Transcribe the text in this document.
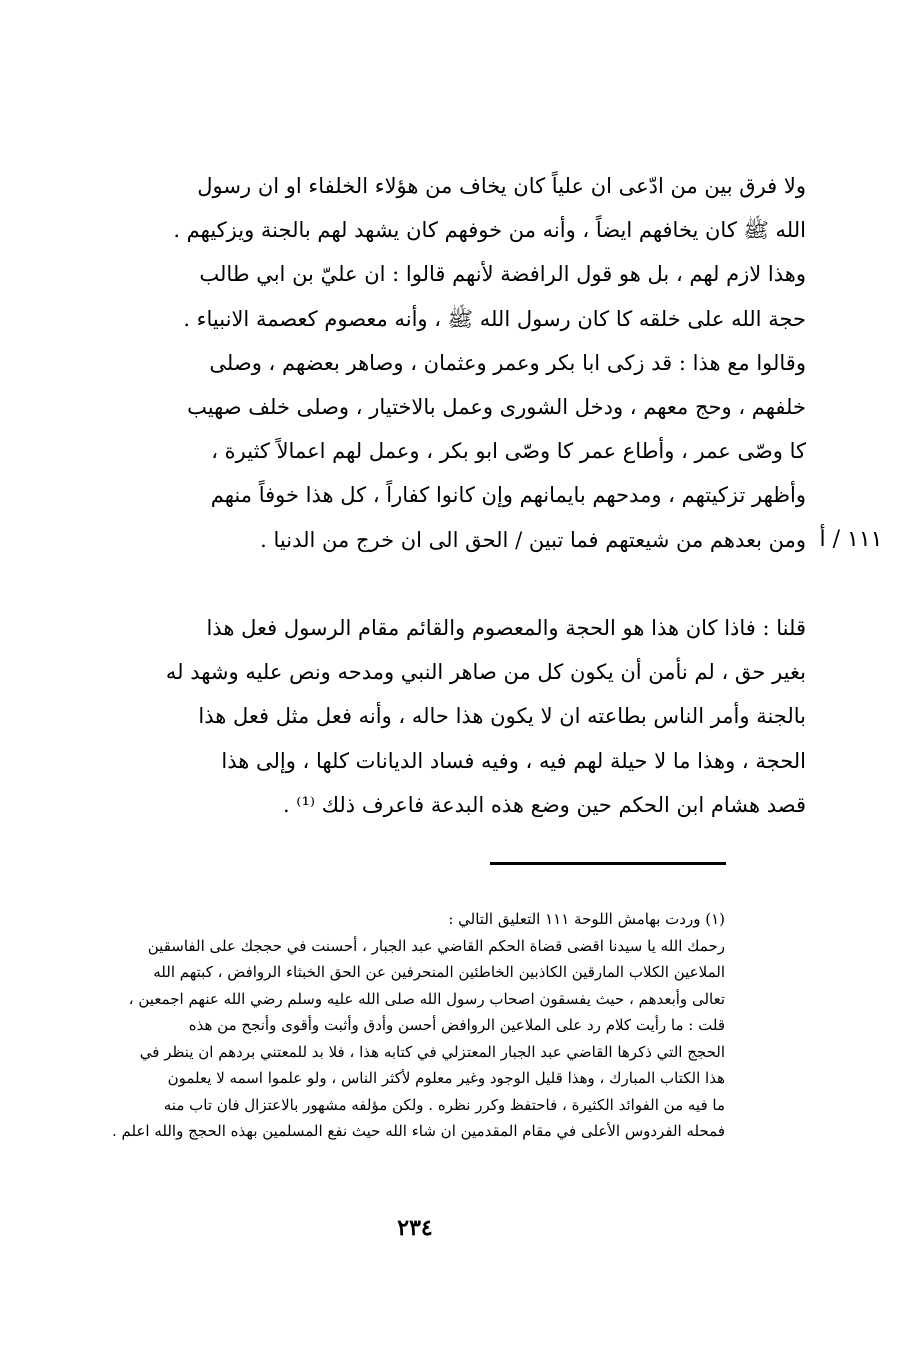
ولا فرق بين من ادّعى ان علياً كان يخاف من هؤلاء الخلفاء او ان رسول
الله ﷺ كان يخافهم ايضاً ، وأنه من خوفهم كان يشهد لهم بالجنة ويزكيهم .
وهذا لازم لهم ، بل هو قول الرافضة لأنهم قالوا : ان عليّ بن ابي طالب
حجة الله على خلقه كا كان رسول الله ﷺ ، وأنه معصوم كعصمة الانبياء .
وقالوا مع هذا : قد زكى ابا بكر وعمر وعثمان ، وصاهر بعضهم ، وصلى
خلفهم ، وحج معهم ، ودخل الشورى وعمل بالاختيار ، وصلى خلف صهيب
كا وصّى عمر ، وأطاع عمر كا وصّى ابو بكر ، وعمل لهم اعمالاً كثيرة ،
وأظهر تزكيتهم ، ومدحهم بايمانهم وإن كانوا كفاراً ، كل هذا خوفاً منهم
ومن بعدهم من شيعتهم فما تبين / الحق الى ان خرج من الدنيا . ١١١ / أ
قلنا : فاذا كان هذا هو الحجة والمعصوم والقائم مقام الرسول فعل هذا
بغير حق ، لم نأمن أن يكون كل من صاهر النبي ومدحه ونص عليه وشهد له
بالجنة وأمر الناس بطاعته ان لا يكون هذا حاله ، وأنه فعل مثل فعل هذا
الحجة ، وهذا ما لا حيلة لهم فيه ، وفيه فساد الديانات كلها ، وإلى هذا
قصد هشام ابن الحكم حين وضع هذه البدعة فاعرف ذلك ⁽¹⁾ .
(١) وردت بهامش اللوحة ١١١ التعليق التالي :
رحمك الله يا سيدنا اقضى قضاة الحكم القاضي عبد الجبار ، أحسنت في حججك على الفاسقين
الملاعين الكلاب المارقين الكاذبين الخاطئين المنحرفين عن الحق الخبثاء الروافض ، كبتهم الله
تعالى وأبعدهم ، حيث يفسقون اصحاب رسول الله صلى الله عليه وسلم رضي الله عنهم اجمعين ،
قلت : ما رأيت كلام رد على الملاعين الروافض أحسن وأدق وأثبت وأقوى وأنجح من هذه
الحجج التي ذكرها القاضي عبد الجبار المعتزلي في كتابه هذا ، فلا بد للمعتني بردهم ان ينظر في
هذا الكتاب المبارك ، وهذا قليل الوجود وغير معلوم لأكثر الناس ، ولو علموا اسمه لا يعلمون
ما فيه من الفوائد الكثيرة ، فاحتفظ وكرر نظره . ولكن مؤلفه مشهور بالاعتزال فان تاب منه
فمحله الفردوس الأعلى في مقام المقدمين ان شاء الله حيث نفع المسلمين بهذه الحجج والله اعلم .
٢٣٤
